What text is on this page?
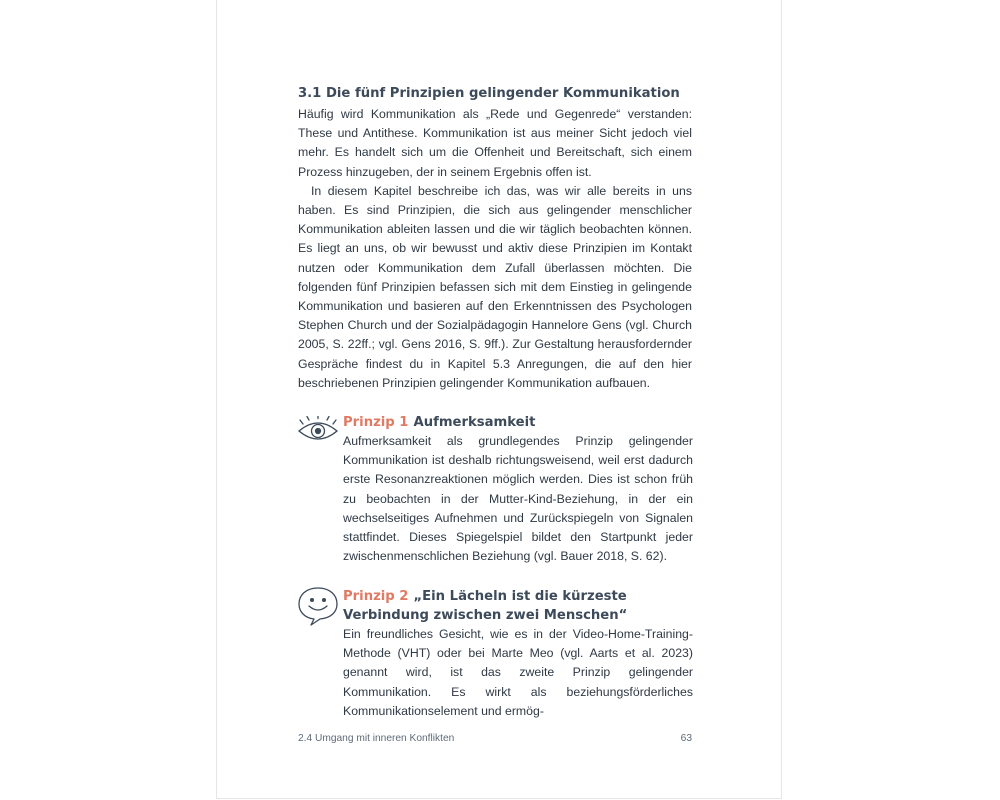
3.1 Die fünf Prinzipien gelingender Kommunikation

Häufig wird Kommunikation als „Rede und Gegenrede“ verstanden: These und Antithese. Kommunikation ist aus meiner Sicht jedoch viel mehr. Es handelt sich um die Offenheit und Bereitschaft, sich einem Prozess hinzugeben, der in seinem Ergebnis offen ist.

In diesem Kapitel beschreibe ich das, was wir alle bereits in uns haben. Es sind Prinzipien, die sich aus gelingender menschlicher Kommunikation ableiten lassen und die wir täglich beobachten können. Es liegt an uns, ob wir bewusst und aktiv diese Prinzipien im Kontakt nutzen oder Kommunikation dem Zufall überlassen möchten. Die folgenden fünf Prinzipien befassen sich mit dem Einstieg in gelingende Kommunikation und basieren auf den Erkenntnissen des Psychologen Stephen Church und der Sozialpädagogin Hannelore Gens (vgl. Church 2005, S. 22ff.; vgl. Gens 2016, S. 9ff.). Zur Gestaltung herausfordernder Gespräche findest du in Kapitel 5.3 Anregungen, die auf den hier beschriebenen Prinzipien gelingender Kommunikation aufbauen.

Prinzip 1 Aufmerksamkeit

Aufmerksamkeit als grundlegendes Prinzip gelingender Kommunikation ist deshalb richtungsweisend, weil erst dadurch erste Resonanzreaktionen möglich werden. Dies ist schon früh zu beobachten in der Mutter-Kind-Beziehung, in der ein wechselseitiges Aufnehmen und Zurückspiegeln von Signalen stattfindet. Dieses Spiegelspiel bildet den Startpunkt jeder zwischenmenschlichen Beziehung (vgl. Bauer 2018, S. 62).

Prinzip 2 „Ein Lächeln ist die kürzeste Verbindung zwischen zwei Menschen“

Ein freundliches Gesicht, wie es in der Video-Home-Training-Methode (VHT) oder bei Marte Meo (vgl. Aarts et al. 2023) genannt wird, ist das zweite Prinzip gelingender Kommunikation. Es wirkt als beziehungsförderliches Kommunikationselement und ermög-

2.4 Umgang mit inneren Konflikten	63
